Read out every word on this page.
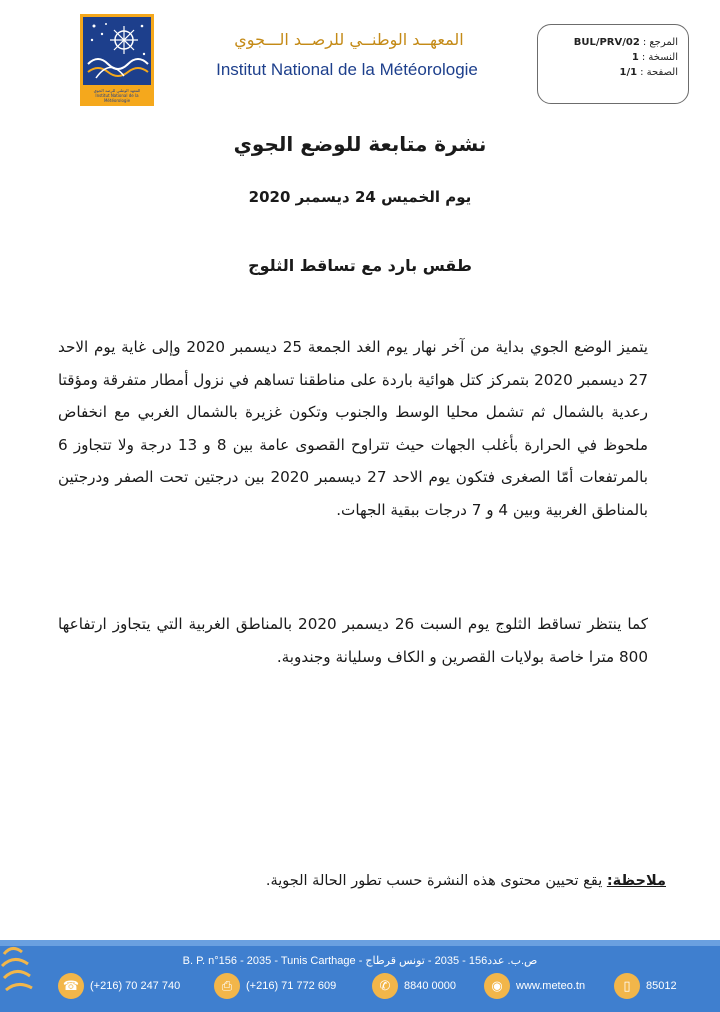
المعهد الوطني للرصد الجوي
Institut National de la Météorologie
المعهــد الوطنــي للرصــد الـــجوي
Institut National de la Météorologie
BUL/PRV/02 المرجع :
1 النسخة :
1/1 الصفحة :
نشرة متابعة للوضع الجوي
يوم الخميس 24 ديسمبر 2020
طقس بارد مع تساقط الثلوج
يتميز الوضع الجوي بداية من آخر نهار يوم الغد الجمعة 25 ديسمبر 2020 وإلى غاية يوم الاحد 27 ديسمبر 2020 بتمركز كتل هوائية باردة على مناطقنا تساهم في نزول أمطار متفرقة ومؤقتا رعدية بالشمال ثم تشمل محليا الوسط والجنوب وتكون غزيرة بالشمال الغربي مع انخفاض ملحوظ في الحرارة بأغلب الجهات حيث تتراوح القصوى عامة بين 8 و 13 درجة ولا تتجاوز 6 بالمرتفعات أمّا الصغرى فتكون يوم الاحد 27 ديسمبر 2020 بين درجتين تحت الصفر ودرجتين بالمناطق الغربية وبين 4 و 7 درجات ببقية الجهات.
كما ينتظر تساقط الثلوج يوم السبت 26 ديسمبر 2020 بالمناطق الغربية التي يتجاوز ارتفاعها 800 مترا خاصة بولايات القصرين و الكاف وسليانة وجندوبة.
ملاحظة: يقع تحيين محتوى هذه النشرة حسب تطور الحالة الجوية.
B. P. n°156 - 2035 - Tunis Carthage - ص.ب. عدد156 - 2035 - تونس قرطاج
☎ (+216) 70 247 740	⎙	(+216) 71 772 609	✆	8840 0000	◉	www.meteo.tn	▯	85012
